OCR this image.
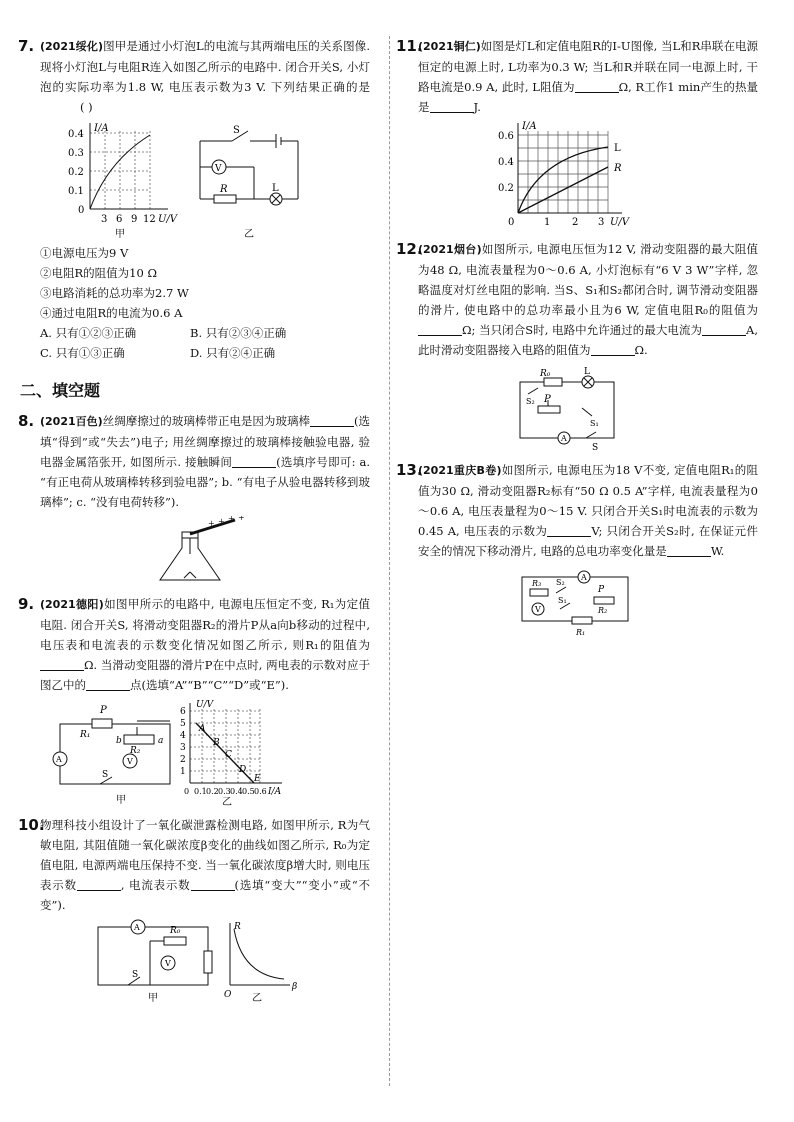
7. (2021绥化)图甲是通过小灯泡L的电流与其两端电压的关系图像. 现将小灯泡L与电阻R连入如图乙所示的电路中. 闭合开关S, 小灯泡的实际功率为1.8 W, 电压表示数为3 V. 下列结果正确的是 ( )
I/A
0.4
0.3
0.2
0.1
0
3 6 9 12 U/V
甲
S
V
R	L
乙
①电源电压为9 V
②电阻R的阻值为10 Ω
③电路消耗的总功率为2.7 W
④通过电阻R的电流为0.6 A
A. 只有①②③正确	B. 只有②③④正确
C. 只有①③正确	D. 只有②④正确
二、填空题
8. (2021百色)丝绸摩擦过的玻璃棒带正电是因为玻璃棒	(选填“得到”或“失去”)电子; 用丝绸摩擦过的玻璃棒接触验电器, 验电器金属箔张开, 如图所示. 接触瞬间	(选填序号即可: a. “有正电荷从玻璃棒转移到验电器”; b. “有电子从验电器转移到玻璃棒”; c. “没有电荷转移”).
+ + + +
9. (2021德阳)如图甲所示的电路中, 电源电压恒定不变, R₁为定值电阻. 闭合开关S, 将滑动变阻器R₂的滑片P从a向b移动的过程中, 电压表和电流表的示数变化情况如图乙所示, 则R₁的阻值为Ω. 当滑动变阻器的滑片P在中点时, 两电表的示数对应于图乙中的	点(选填“A”“B”“C”“D”或“E”).
P
R₁
b
R₂
a
A	V
S
甲
U/V
6
5
4
3
2
1
0 0.1 0.2 0.3 0.4 0.5 0.6 I/A
A
B
C
D
E
乙
10.
物理科技小组设计了一氧化碳泄露检测电路, 如图甲所示, R为气敏电阻, 其阻值随一氧化碳浓度β变化的曲线如图乙所示, R₀为定值电阻, 电源两端电压保持不变. 当一氧化碳浓度β增大时, 则电压表示数	, 电流表示数	(选填“变大”“变小”或“不变”).
A	R₀
V
S
甲
R
β
O 乙
11.
(2021铜仁)如图是灯L和定值电阻R的I-U图像, 当L和R串联在电源恒定的电源上时, L功率为0.3 W; 当L和R并联在同一电源上时, 干路电流是0.9 A, 此时, L阻值为	Ω, R工作1 min产生的热量是	J.
I/A
0.6
0.4
0.2
0	1 2 3 U/V
L
R
12.
(2021烟台)如图所示, 电源电压恒为12 V, 滑动变阻器的最大阻值为48 Ω, 电流表量程为0～0.6 A, 小灯泡标有“6 V 3 W”字样, 忽略温度对灯丝电阻的影响. 当S、S₁和S₂都闭合时, 调节滑动变阻器的滑片, 使电路中的总功率最小且为6 W, 定值电阻R₀的阻值为Ω; 当只闭合S时, 电路中允许通过的最大电流为	A, 此时滑动变阻器接入电路的阻值为	Ω.
R₀	L
S₂ P
S₁
A
S
13.
(2021重庆B卷)如图所示, 电源电压为18 V不变, 定值电阻R₁的阻值为30 Ω, 滑动变阻器R₂标有“50 Ω 0.5 A”字样, 电流表量程为0～0.6 A, 电压表量程为0～15 V. 只闭合开关S₁时电流表的示数为0.45 A, 电压表的示数为	V; 只闭合开关S₂时, 在保证元件安全的情况下移动滑片, 电路的总电功率变化量是	W.
A
R₃ S₂
P
V
S₁
R₂
R₁
